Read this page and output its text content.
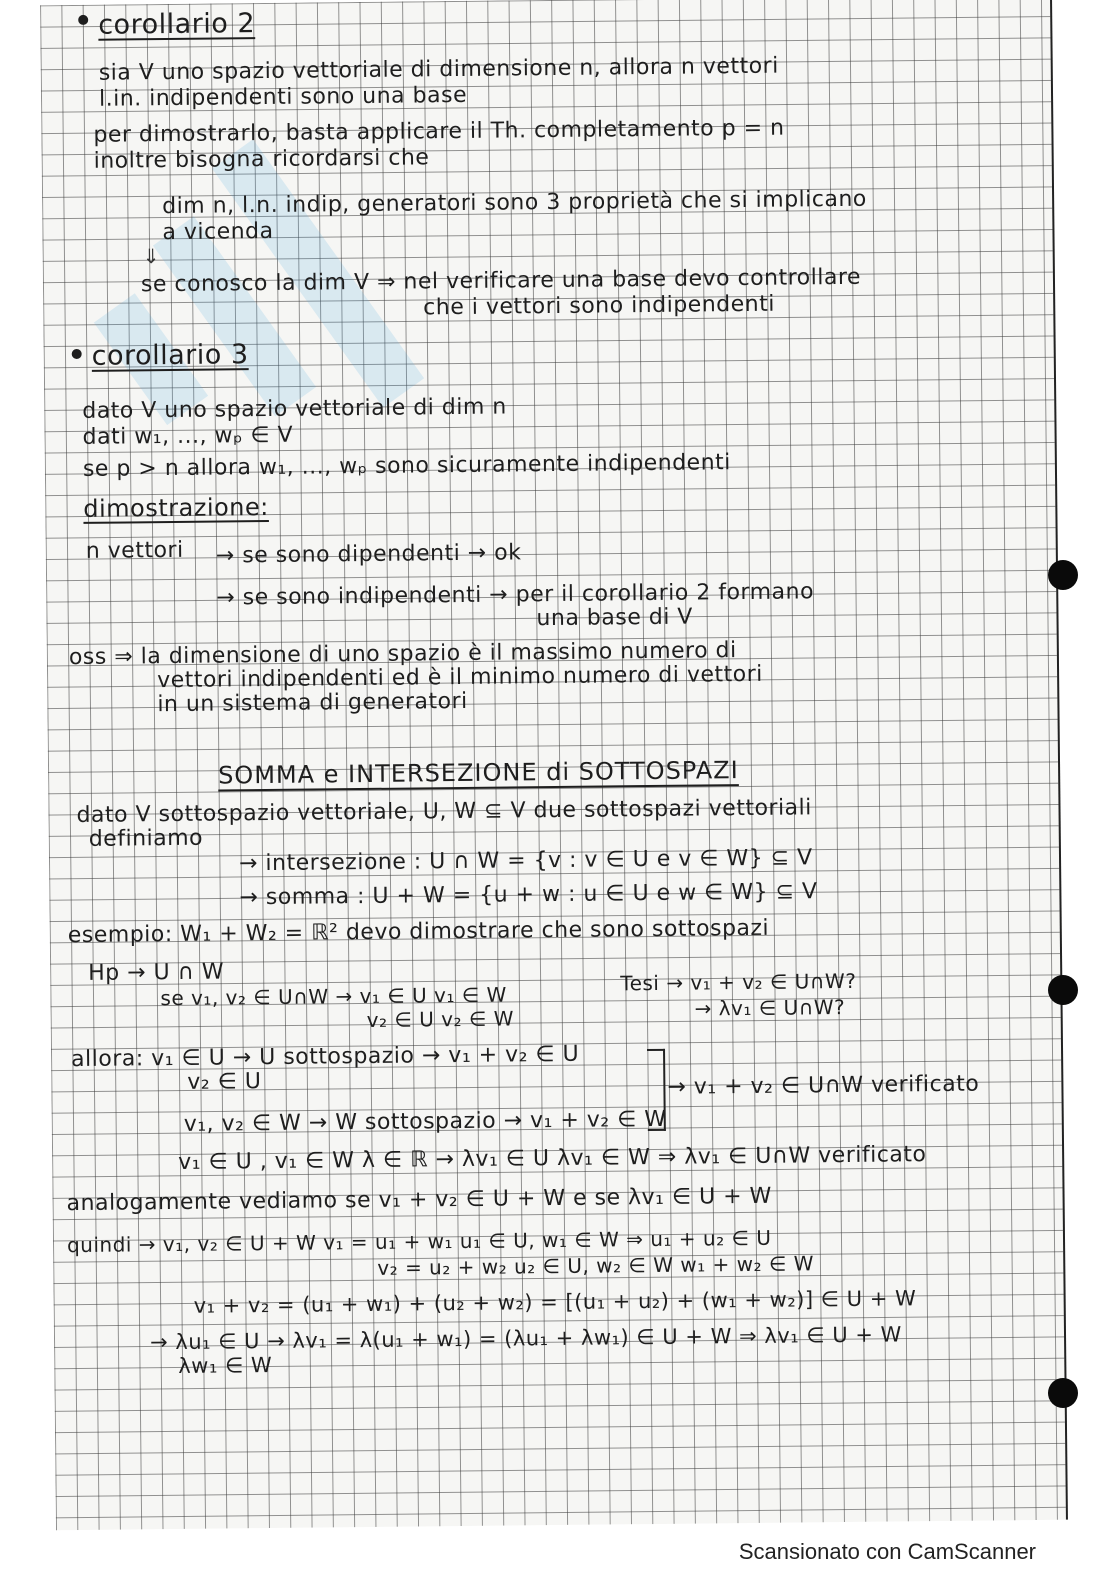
corollario 2
sia V uno spazio vettoriale di dimensione n, allora n vettori
l.in. indipendenti sono una base
per dimostrarlo, basta applicare il Th. completamento p = n
inoltre bisogna ricordarsi che
dim n, l.n. indip, generatori sono 3 proprietà che si implicano
a vicenda
⇓
se conosco la dim V ⇒ nel verificare una base devo controllare
che i vettori sono indipendenti
corollario 3
dato V uno spazio vettoriale di dim n
dati w₁, ..., wₚ ∈ V
se p > n allora w₁, ..., wₚ sono sicuramente indipendenti
dimostrazione:
n vettori → se sono dipendenti → ok
→ se sono indipendenti → per il corollario 2 formano
una base di V
oss ⇒ la dimensione di uno spazio è il massimo numero di
vettori indipendenti ed è il minimo numero di vettori
in un sistema di generatori
SOMMA e INTERSEZIONE di SOTTOSPAZI
dato V sottospazio vettoriale, U, W ⊆ V due sottospazi vettoriali
definiamo
→ intersezione : U ∩ W = {v : v ∈ U e v ∈ W} ⊆ V
→ somma : U + W = {u + w : u ∈ U e w ∈ W} ⊆ V
esempio: W₁ + W₂ = ℝ² devo dimostrare che sono sottospazi
Hp → U ∩ W
se v₁, v₂ ∈ U∩W → v₁ ∈ U v₁ ∈ W
v₂ ∈ U v₂ ∈ W
Tesi → v₁ + v₂ ∈ U∩W?
→ λv₁ ∈ U∩W?
allora: v₁ ∈ U → U sottospazio → v₁ + v₂ ∈ U
v₂ ∈ U
v₁, v₂ ∈ W → W sottospazio → v₁ + v₂ ∈ W
→ v₁ + v₂ ∈ U∩W verificato
v₁ ∈ U , v₁ ∈ W λ ∈ ℝ → λv₁ ∈ U λv₁ ∈ W ⇒ λv₁ ∈ U∩W verificato
analogamente vediamo se v₁ + v₂ ∈ U + W e se λv₁ ∈ U + W
quindi → v₁, v₂ ∈ U + W v₁ = u₁ + w₁ u₁ ∈ U, w₁ ∈ W ⇒ u₁ + u₂ ∈ U
v₂ = u₂ + w₂ u₂ ∈ U, w₂ ∈ W w₁ + w₂ ∈ W
v₁ + v₂ = (u₁ + w₁) + (u₂ + w₂) = [(u₁ + u₂) + (w₁ + w₂)] ∈ U + W
→ λu₁ ∈ U → λv₁ = λ(u₁ + w₁) = (λu₁ + λw₁) ∈ U + W ⇒ λv₁ ∈ U + W
λw₁ ∈ W
Scansionato con CamScanner
